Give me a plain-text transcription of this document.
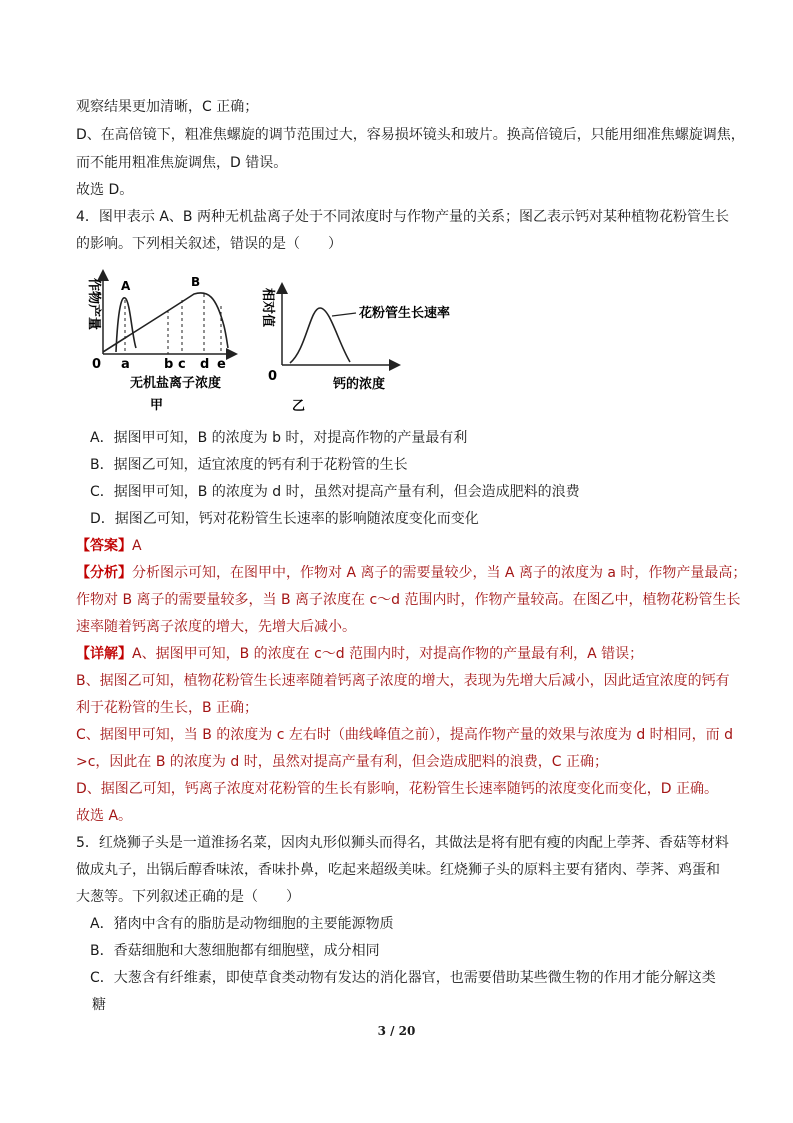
观察结果更加清晰，C 正确；
D、在高倍镜下，粗准焦螺旋的调节范围过大，容易损坏镜头和玻片。换高倍镜后，只能用细准焦螺旋调焦，
而不能用粗准焦旋调焦，D 错误。
故选 D。
4．图甲表示 A、B 两种无机盐离子处于不同浓度时与作物产量的关系；图乙表示钙对某种植物花粉管生长
的影响。下列相关叙述，错误的是（　　）
作物产量
0
A	B
a	b c d e
无机盐离子浓度
甲
相对值	花粉管生长速率
0
钙的浓度
乙
A．据图甲可知，B 的浓度为 b 时，对提高作物的产量最有利
B．据图乙可知，适宜浓度的钙有利于花粉管的生长
C．据图甲可知，B 的浓度为 d 时，虽然对提高产量有利，但会造成肥料的浪费
D．据图乙可知，钙对花粉管生长速率的影响随浓度变化而变化
【答案】A
【分析】分析图示可知，在图甲中，作物对 A 离子的需要量较少，当 A 离子的浓度为 a 时，作物产量最高；
作物对 B 离子的需要量较多，当 B 离子浓度在 c～d 范围内时，作物产量较高。在图乙中，植物花粉管生长
速率随着钙离子浓度的增大，先增大后减小。
【详解】A、据图甲可知，B 的浓度在 c～d 范围内时，对提高作物的产量最有利，A 错误；
B、据图乙可知，植物花粉管生长速率随着钙离子浓度的增大，表现为先增大后减小，因此适宜浓度的钙有
利于花粉管的生长，B 正确；
C、据图甲可知，当 B 的浓度为 c 左右时（曲线峰值之前），提高作物产量的效果与浓度为 d 时相同，而 d
>c，因此在 B 的浓度为 d 时，虽然对提高产量有利，但会造成肥料的浪费，C 正确；
D、据图乙可知，钙离子浓度对花粉管的生长有影响，花粉管生长速率随钙的浓度变化而变化，D 正确。
故选 A。
5．红烧狮子头是一道淮扬名菜，因肉丸形似狮头而得名，其做法是将有肥有瘦的肉配上荸荠、香菇等材料
做成丸子，出锅后醇香味浓，香味扑鼻，吃起来超级美味。红烧狮子头的原料主要有猪肉、荸荠、鸡蛋和
大葱等。下列叙述正确的是（　　）
A．猪肉中含有的脂肪是动物细胞的主要能源物质
B．香菇细胞和大葱细胞都有细胞壁，成分相同
C．大葱含有纤维素，即使草食类动物有发达的消化器官，也需要借助某些微生物的作用才能分解这类
糖
3 / 20
